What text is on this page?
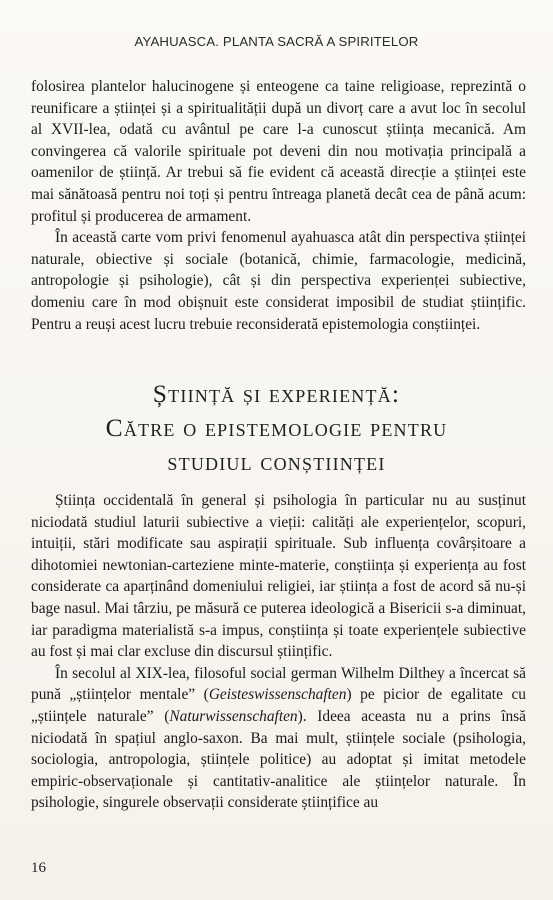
AYAHUASCA. PLANTA SACRĂ A SPIRITELOR

folosirea plantelor halucinogene și enteogene ca taine religioase, reprezintă o reunificare a științei și a spiritualității după un divorț care a avut loc în secolul al XVII-lea, odată cu avântul pe care l-a cunoscut știința mecanică. Am convingerea că valorile spirituale pot deveni din nou motivația principală a oamenilor de știință. Ar trebui să fie evident că această direcție a științei este mai sănătoasă pentru noi toți și pentru întreaga planetă decât cea de până acum: profitul și producerea de armament.

În această carte vom privi fenomenul ayahuasca atât din perspectiva științei naturale, obiective și sociale (botanică, chimie, farmacologie, medicină, antropologie și psihologie), cât și din perspectiva experienței subiective, domeniu care în mod obișnuit este considerat imposibil de studiat științific. Pentru a reuși acest lucru trebuie reconsiderată epistemologia conștiinței.

Știință și experiență:
Către o epistemologie pentru
studiul conștiinței

Știința occidentală în general și psihologia în particular nu au susținut niciodată studiul laturii subiective a vieții: calități ale experiențelor, scopuri, intuiții, stări modificate sau aspirații spirituale. Sub influența covârșitoare a dihotomiei newtonian-carteziene minte-materie, conștiința și experiența au fost considerate ca aparținând domeniului religiei, iar știința a fost de acord să nu-și bage nasul. Mai târziu, pe măsură ce puterea ideologică a Bisericii s-a diminuat, iar paradigma materialistă s-a impus, conștiința și toate experiențele subiective au fost și mai clar excluse din discursul științific.

În secolul al XIX-lea, filosoful social german Wilhelm Dilthey a încercat să pună „științelor mentale” (Geisteswissenschaften) pe picior de egalitate cu „științele naturale” (Naturwissenschaften). Ideea aceasta nu a prins însă niciodată în spațiul anglo-saxon. Ba mai mult, științele sociale (psihologia, sociologia, antropologia, științele politice) au adoptat și imitat metodele empiric-observaționale și cantitativ-analitice ale științelor naturale. În psihologie, singurele observații considerate științifice au

16
